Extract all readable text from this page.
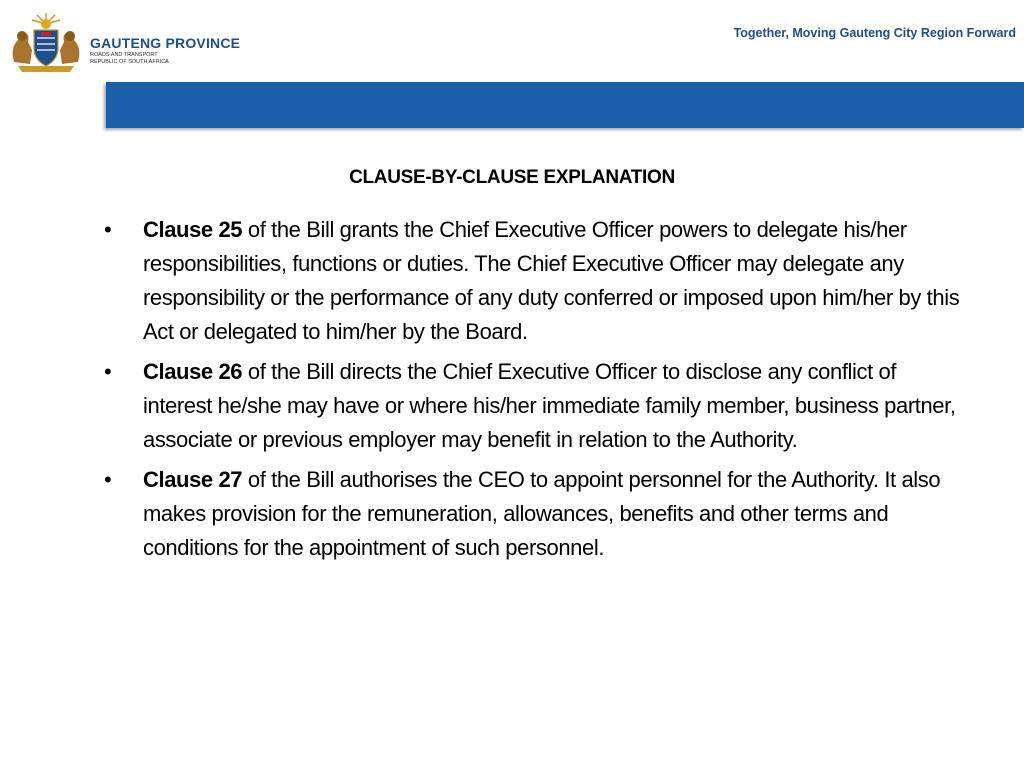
GAUTENG PROVINCE
ROADS AND TRANSPORT
REPUBLIC OF SOUTH AFRICA
Together, Moving Gauteng City Region Forward
CLAUSE-BY-CLAUSE EXPLANATION
• Clause 25 of the Bill grants the Chief Executive Officer powers to delegate his/her responsibilities, functions or duties. The Chief Executive Officer may delegate any responsibility or the performance of any duty conferred or imposed upon him/her by this Act or delegated to him/her by the Board.
• Clause 26 of the Bill directs the Chief Executive Officer to disclose any conflict of interest he/she may have or where his/her immediate family member, business partner, associate or previous employer may benefit in relation to the Authority.
• Clause 27 of the Bill authorises the CEO to appoint personnel for the Authority. It also makes provision for the remuneration, allowances, benefits and other terms and conditions for the appointment of such personnel.
